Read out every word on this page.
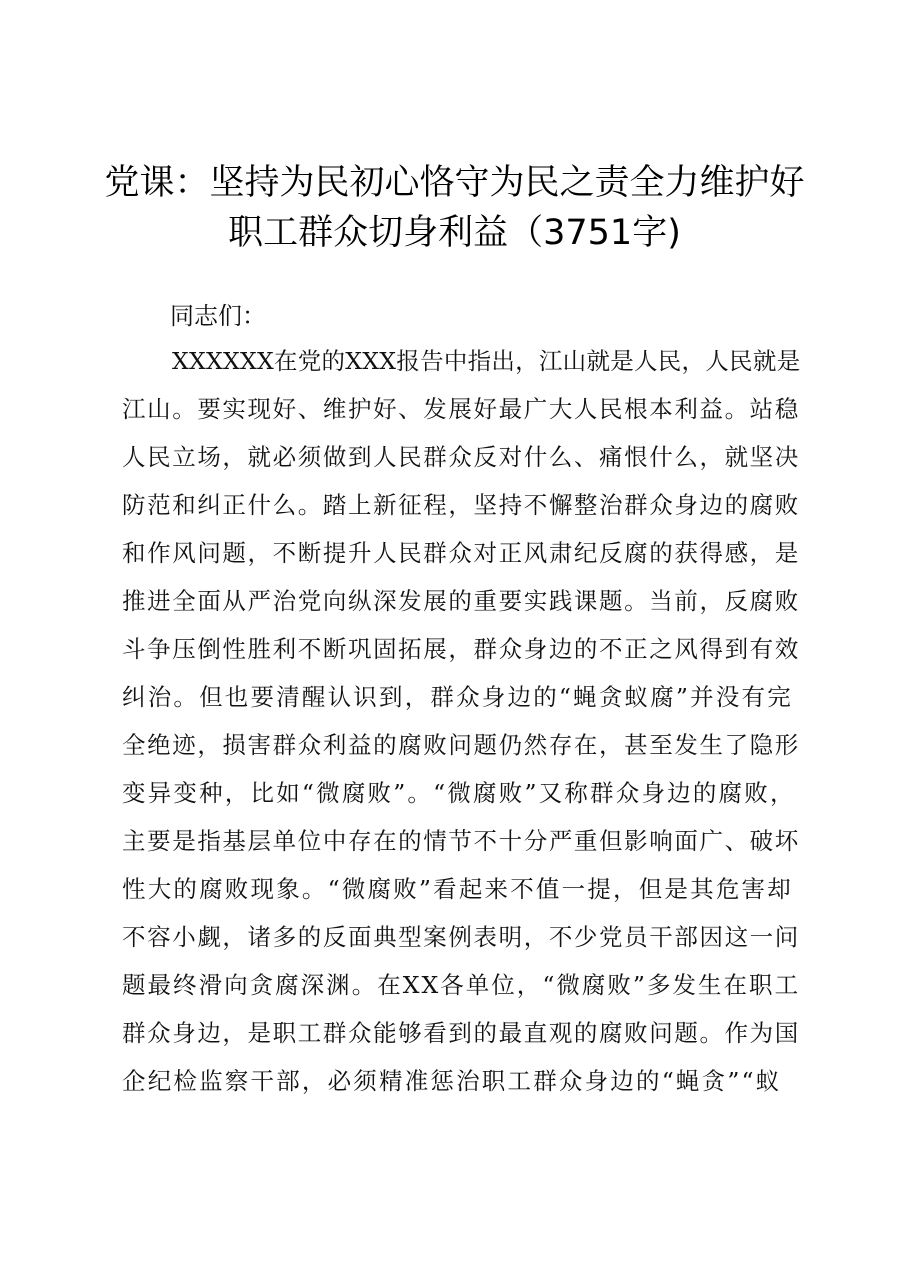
党课：坚持为民初心恪守为民之责全力维护好
职工群众切身利益（3751字)
同志们：
XXXXXX在党的XXX报告中指出，江山就是人民，人民就是
江山。要实现好、维护好、发展好最广大人民根本利益。站稳
人民立场，就必须做到人民群众反对什么、痛恨什么，就坚决
防范和纠正什么。踏上新征程，坚持不懈整治群众身边的腐败
和作风问题，不断提升人民群众对正风肃纪反腐的获得感，是
推进全面从严治党向纵深发展的重要实践课题。当前，反腐败
斗争压倒性胜利不断巩固拓展，群众身边的不正之风得到有效
纠治。但也要清醒认识到，群众身边的“蝇贪蚁腐”并没有完
全绝迹，损害群众利益的腐败问题仍然存在，甚至发生了隐形
变异变种，比如“微腐败”。“微腐败”又称群众身边的腐败，
主要是指基层单位中存在的情节不十分严重但影响面广、破坏
性大的腐败现象。“微腐败”看起来不值一提，但是其危害却
不容小觑，诸多的反面典型案例表明，不少党员干部因这一问
题最终滑向贪腐深渊。在XX各单位，“微腐败”多发生在职工
群众身边，是职工群众能够看到的最直观的腐败问题。作为国
企纪检监察干部，必须精准惩治职工群众身边的“蝇贪”“蚁
